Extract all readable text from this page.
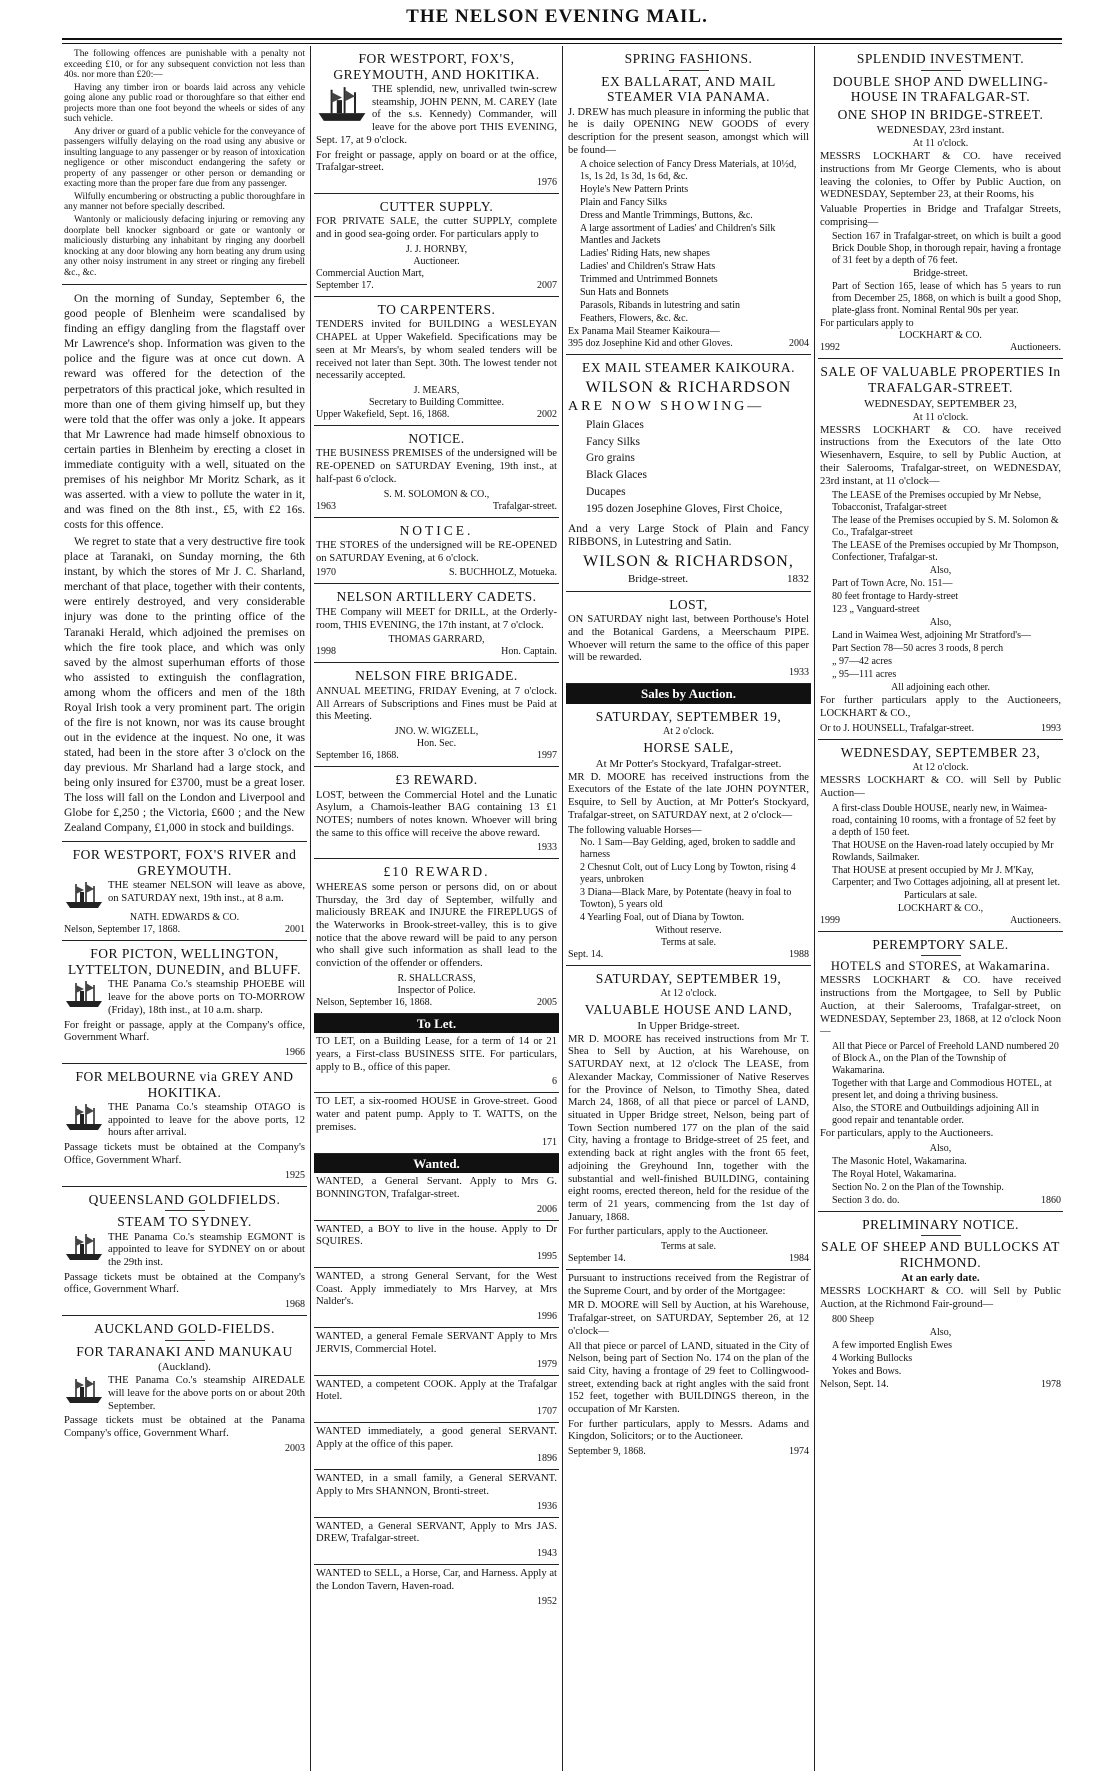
THE NELSON EVENING MAIL.

The following offences are punishable with a penalty not exceeding £10, or for any subsequent conviction not less than 40s. nor more than £20:—

Having any timber iron or boards laid across any vehicle going alone any public road or thoroughfare so that either end projects more than one foot beyond the wheels or sides of any such vehicle.

Any driver or guard of a public vehicle for the conveyance of passengers wilfully delaying on the road using any abusive or insulting language to any passenger or by reason of intoxication negligence or other misconduct endangering the safety or property of any passenger or other person or demanding or exacting more than the proper fare due from any passenger.

Wilfully encumbering or obstructing a public thoroughfare in any manner not before specially described.

Wantonly or maliciously defacing injuring or removing any doorplate bell knocker signboard or gate or wantonly or maliciously disturbing any inhabitant by ringing any doorbell knocking at any door blowing any horn beating any drum using any other noisy instrument in any street or ringing any firebell &c., &c.

On the morning of Sunday, September 6, the good people of Blenheim were scandalised by finding an effigy dangling from the flagstaff over Mr Lawrence's shop. Information was given to the police and the figure was at once cut down. A reward was offered for the detection of the perpetrators of this practical joke, which resulted in more than one of them giving himself up, but they were told that the offer was only a joke. It appears that Mr Lawrence had made himself obnoxious to certain parties in Blenheim by erecting a closet in immediate contiguity with a well, situated on the premises of his neighbor Mr Moritz Schark, as it was asserted. with a view to pollute the water in it, and was fined on the 8th inst., £5, with £2 16s. costs for this offence.

We regret to state that a very destructive fire took place at Taranaki, on Sunday morning, the 6th instant, by which the stores of Mr J. C. Sharland, merchant of that place, together with their contents, were entirely destroyed, and very considerable injury was done to the printing office of the Taranaki Herald, which adjoined the premises on which the fire took place, and which was only saved by the almost superhuman efforts of those who assisted to extinguish the conflagration, among whom the officers and men of the 18th Royal Irish took a very prominent part. The origin of the fire is not known, nor was its cause brought out in the evidence at the inquest. No one, it was stated, had been in the store after 3 o'clock on the day previous. Mr Sharland had a large stock, and being only insured for £3700, must be a great loser. The loss will fall on the London and Liverpool and Globe for £,250 ; the Victoria, £600 ; and the New Zealand Company, £1,000 in stock and buildings.

FOR WESTPORT, FOX'S RIVER and GREYMOUTH.

THE steamer NELSON will leave as above, on SATURDAY next, 19th inst., at 8 a.m.

NATH. EDWARDS & CO.
Nelson, September 17, 1868.	2001
FOR PICTON, WELLINGTON, LYTTELTON, DUNEDIN, and BLUFF.

THE Panama Co.'s steamship PHOEBE will leave for the above ports on TO-MORROW (Friday), 18th inst., at 10 a.m. sharp.

For freight or passage, apply at the Company's office, Government Wharf.

1966
FOR MELBOURNE via GREY AND HOKITIKA.

THE Panama Co.'s steamship OTAGO is appointed to leave for the above ports, 12 hours after arrival.

Passage tickets must be obtained at the Company's Office, Government Wharf.

1925
QUEENSLAND GOLDFIELDS.
STEAM TO SYDNEY.

THE Panama Co.'s steamship EGMONT is appointed to leave for SYDNEY on or about the 29th inst.

Passage tickets must be obtained at the Company's office, Government Wharf.

1968
AUCKLAND GOLD-FIELDS.
FOR TARANAKI AND MANUKAU
(Auckland).

THE Panama Co.'s steamship AIREDALE will leave for the above ports on or about 20th September.

Passage tickets must be obtained at the Panama Company's office, Government Wharf.

2003
FOR WESTPORT, FOX'S, GREYMOUTH, AND HOKITIKA.

THE splendid, new, unrivalled twin-screw steamship, JOHN PENN, M. CAREY (late of the s.s. Kennedy) Commander, will leave for the above port THIS EVENING, Sept. 17, at 9 o'clock.

For freight or passage, apply on board or at the office, Trafalgar-street.

1976
CUTTER SUPPLY.

FOR PRIVATE SALE, the cutter SUPPLY, complete and in good sea-going order. For particulars apply to

J. J. HORNBY,
Auctioneer.
Commercial Auction Mart,
September 17.	2007
TO CARPENTERS.

TENDERS invited for BUILDING a WESLEYAN CHAPEL at Upper Wakefield. Specifications may be seen at Mr Mears's, by whom sealed tenders will be received not later than Sept. 30th. The lowest tender not necessarily accepted.

J. MEARS,
Secretary to Building Committee.
Upper Wakefield, Sept. 16, 1868.	2002
NOTICE.

THE BUSINESS PREMISES of the undersigned will be RE-OPENED on SATURDAY Evening, 19th inst., at half-past 6 o'clock.

S. M. SOLOMON & CO.,
1963	Trafalgar-street.
NOTICE.

THE STORES of the undersigned will be RE-OPENED on SATURDAY Evening, at 6 o'clock.

1970	S. BUCHHOLZ, Motueka.
NELSON ARTILLERY CADETS.

THE Company will MEET for DRILL, at the Orderly-room, THIS EVENING, the 17th instant, at 7 o'clock.

THOMAS GARRARD,
1998	Hon. Captain.
NELSON FIRE BRIGADE.

ANNUAL MEETING, FRIDAY Evening, at 7 o'clock. All Arrears of Subscriptions and Fines must be Paid at this Meeting.

JNO. W. WIGZELL,
Hon. Sec.
September 16, 1868.	1997
£3 REWARD.

LOST, between the Commercial Hotel and the Lunatic Asylum, a Chamois-leather BAG containing 13 £1 NOTES; numbers of notes known. Whoever will bring the same to this office will receive the above reward.

1933
£10 REWARD.

WHEREAS some person or persons did, on or about Thursday, the 3rd day of September, wilfully and maliciously BREAK and INJURE the FIREPLUGS of the Waterworks in Brook-street-valley, this is to give notice that the above reward will be paid to any person who shall give such information as shall lead to the conviction of the offender or offenders.

R. SHALLCRASS,
Inspector of Police.
Nelson, September 16, 1868.	2005
To Let.

TO LET, on a Building Lease, for a term of 14 or 21 years, a First-class BUSINESS SITE. For particulars, apply to B., office of this paper.

6

TO LET, a six-roomed HOUSE in Grove-street. Good water and patent pump. Apply to T. WATTS, on the premises.

171
Wanted.

WANTED, a General Servant. Apply to Mrs G. BONNINGTON, Trafalgar-street.

2006

WANTED, a BOY to live in the house. Apply to Dr SQUIRES.

1995

WANTED, a strong General Servant, for the West Coast. Apply immediately to Mrs Harvey, at Mrs Nalder's.

1996

WANTED, a general Female SERVANT Apply to Mrs JERVIS, Commercial Hotel.

1979

WANTED, a competent COOK. Apply at the Trafalgar Hotel.

1707

WANTED immediately, a good general SERVANT. Apply at the office of this paper.

1896

WANTED, in a small family, a General SERVANT. Apply to Mrs SHANNON, Bronti-street.

1936

WANTED, a General SERVANT, Apply to Mrs JAS. DREW, Trafalgar-street.

1943

WANTED to SELL, a Horse, Car, and Harness. Apply at the London Tavern, Haven-road.

1952
SPRING FASHIONS.
EX BALLARAT, AND MAIL STEAMER VIA PANAMA.

J. DREW has much pleasure in informing the public that he is daily OPENING NEW GOODS of every description for the present season, amongst which will be found—

A choice selection of Fancy Dress Materials, at 10½d, 1s, 1s 2d, 1s 3d, 1s 6d, &c.
Hoyle's New Pattern Prints
Plain and Fancy Silks
Dress and Mantle Trimmings, Buttons, &c.
A large assortment of Ladies' and Children's Silk Mantles and Jackets
Ladies' Riding Hats, new shapes
Ladies' and Children's Straw Hats
Trimmed and Untrimmed Bonnets
Sun Hats and Bonnets
Parasols, Ribands in lutestring and satin
Feathers, Flowers, &c. &c.
Ex Panama Mail Steamer Kaikoura—
395 doz Josephine Kid and other Gloves.	2004
EX MAIL STEAMER KAIKOURA.
WILSON & RICHARDSON
ARE NOW SHOWING—
Plain Glaces
Fancy Silks
Gro grains
Black Glaces
Ducapes
195 dozen Josephine Gloves, First Choice,

And a very Large Stock of Plain and Fancy RIBBONS, in Lutestring and Satin.

WILSON & RICHARDSON,
Bridge-street.	1832
LOST,

ON SATURDAY night last, between Porthouse's Hotel and the Botanical Gardens, a Meerschaum PIPE. Whoever will return the same to the office of this paper will be rewarded.

1933
Sales by Auction.
SATURDAY, SEPTEMBER 19,
At 2 o'clock.
HORSE SALE,
At Mr Potter's Stockyard, Trafalgar-street.

MR D. MOORE has received instructions from the Executors of the Estate of the late JOHN POYNTER, Esquire, to Sell by Auction, at Mr Potter's Stockyard, Trafalgar-street, on SATURDAY next, at 2 o'clock—

The following valuable Horses—
No. 1 Sam—Bay Gelding, aged, broken to saddle and harness
2 Chesnut Colt, out of Lucy Long by Towton, rising 4 years, unbroken
3 Diana—Black Mare, by Potentate (heavy in foal to Towton), 5 years old
4 Yearling Foal, out of Diana by Towton.
Without reserve.
Terms at sale.
Sept. 14.	1988
SATURDAY, SEPTEMBER 19,
At 12 o'clock.
VALUABLE HOUSE AND LAND,
In Upper Bridge-street.

MR D. MOORE has received instructions from Mr T. Shea to Sell by Auction, at his Warehouse, on SATURDAY next, at 12 o'clock The LEASE, from Alexander Mackay, Commissioner of Native Reserves for the Province of Nelson, to Timothy Shea, dated March 24, 1868, of all that piece or parcel of LAND, situated in Upper Bridge street, Nelson, being part of Town Section numbered 177 on the plan of the said City, having a frontage to Bridge-street of 25 feet, and extending back at right angles with the front 65 feet, adjoining the Greyhound Inn, together with the substantial and well-finished BUILDING, containing eight rooms, erected thereon, held for the residue of the term of 21 years, commencing from the 1st day of January, 1868.

For further particulars, apply to the Auctioneer.

Terms at sale.
September 14.	1984

Pursuant to instructions received from the Registrar of the Supreme Court, and by order of the Mortgagee:

MR D. MOORE will Sell by Auction, at his Warehouse, Trafalgar-street, on SATURDAY, September 26, at 12 o'clock—

All that piece or parcel of LAND, situated in the City of Nelson, being part of Section No. 174 on the plan of the said City, having a frontage of 29 feet to Collingwood-street, extending back at right angles with the said front 152 feet, together with BUILDINGS thereon, in the occupation of Mr Karsten.

For further particulars, apply to Messrs. Adams and Kingdon, Solicitors; or to the Auctioneer.

September 9, 1868.	1974
SPLENDID INVESTMENT.
DOUBLE SHOP AND DWELLING-HOUSE IN TRAFALGAR-ST.
ONE SHOP IN BRIDGE-STREET.
WEDNESDAY, 23rd instant.
At 11 o'clock.

MESSRS LOCKHART & CO. have received instructions from Mr George Clements, who is about leaving the colonies, to Offer by Public Auction, on WEDNESDAY, September 23, at their Rooms, his

Valuable Properties in Bridge and Trafalgar Streets, comprising—

Section 167 in Trafalgar-street, on which is built a good Brick Double Shop, in thorough repair, having a frontage of 31 feet by a depth of 76 feet.

Bridge-street.

Part of Section 165, lease of which has 5 years to run from December 25, 1868, on which is built a good Shop, plate-glass front. Nominal Rental 90s per year.

For particulars apply to
LOCKHART & CO.
1992	Auctioneers.
SALE OF VALUABLE PROPERTIES In TRAFALGAR-STREET.
WEDNESDAY, SEPTEMBER 23,
At 11 o'clock.

MESSRS LOCKHART & CO. have received instructions from the Executors of the late Otto Wiesenhavern, Esquire, to sell by Public Auction, at their Salerooms, Trafalgar-street, on WEDNESDAY, 23rd instant, at 11 o'clock—

The LEASE of the Premises occupied by Mr Nebse, Tobacconist, Trafalgar-street
The lease of the Premises occupied by S. M. Solomon & Co., Trafalgar-street
The LEASE of the Premises occupied by Mr Thompson, Confectioner, Trafalgar-st.
Also,
Part of Town Acre, No. 151—
80 feet frontage to Hardy-street
123 „ Vanguard-street
Also,
Land in Waimea West, adjoining Mr Stratford's—
Part Section 78—50 acres 3 roods, 8 perch
„ 97—42 acres
„ 95—111 acres
All adjoining each other.

For further particulars apply to the Auctioneers, LOCKHART & CO.,

Or to J. HOUNSELL, Trafalgar-street.	1993
WEDNESDAY, SEPTEMBER 23,
At 12 o'clock.

MESSRS LOCKHART & CO. will Sell by Public Auction—

A first-class Double HOUSE, nearly new, in Waimea-road, containing 10 rooms, with a frontage of 52 feet by a depth of 150 feet.
That HOUSE on the Haven-road lately occupied by Mr Rowlands, Sailmaker.
That HOUSE at present occupied by Mr J. M'Kay, Carpenter; and Two Cottages adjoining, all at present let.
Particulars at sale.
LOCKHART & CO.,
1999	Auctioneers.
PEREMPTORY SALE.
HOTELS and STORES, at Wakamarina.

MESSRS LOCKHART & CO. have received instructions from the Mortgagee, to Sell by Public Auction, at their Salerooms, Trafalgar-street, on WEDNESDAY, September 23, 1868, at 12 o'clock Noon—

All that Piece or Parcel of Freehold LAND numbered 20 of Block A., on the Plan of the Township of Wakamarina.
Together with that Large and Commodious HOTEL, at present let, and doing a thriving business.
Also, the STORE and Outbuildings adjoining All in good repair and tenantable order.

For particulars, apply to the Auctioneers.

Also,
The Masonic Hotel, Wakamarina.
The Royal Hotel, Wakamarina.
Section No. 2 on the Plan of the Township.
Section 3 do. do.	1860
PRELIMINARY NOTICE.
SALE OF SHEEP AND BULLOCKS AT RICHMOND.
At an early date.

MESSRS LOCKHART & CO. will Sell by Public Auction, at the Richmond Fair-ground—

800 Sheep
Also,
A few imported English Ewes
4 Working Bullocks
Yokes and Bows.
Nelson, Sept. 14.	1978
